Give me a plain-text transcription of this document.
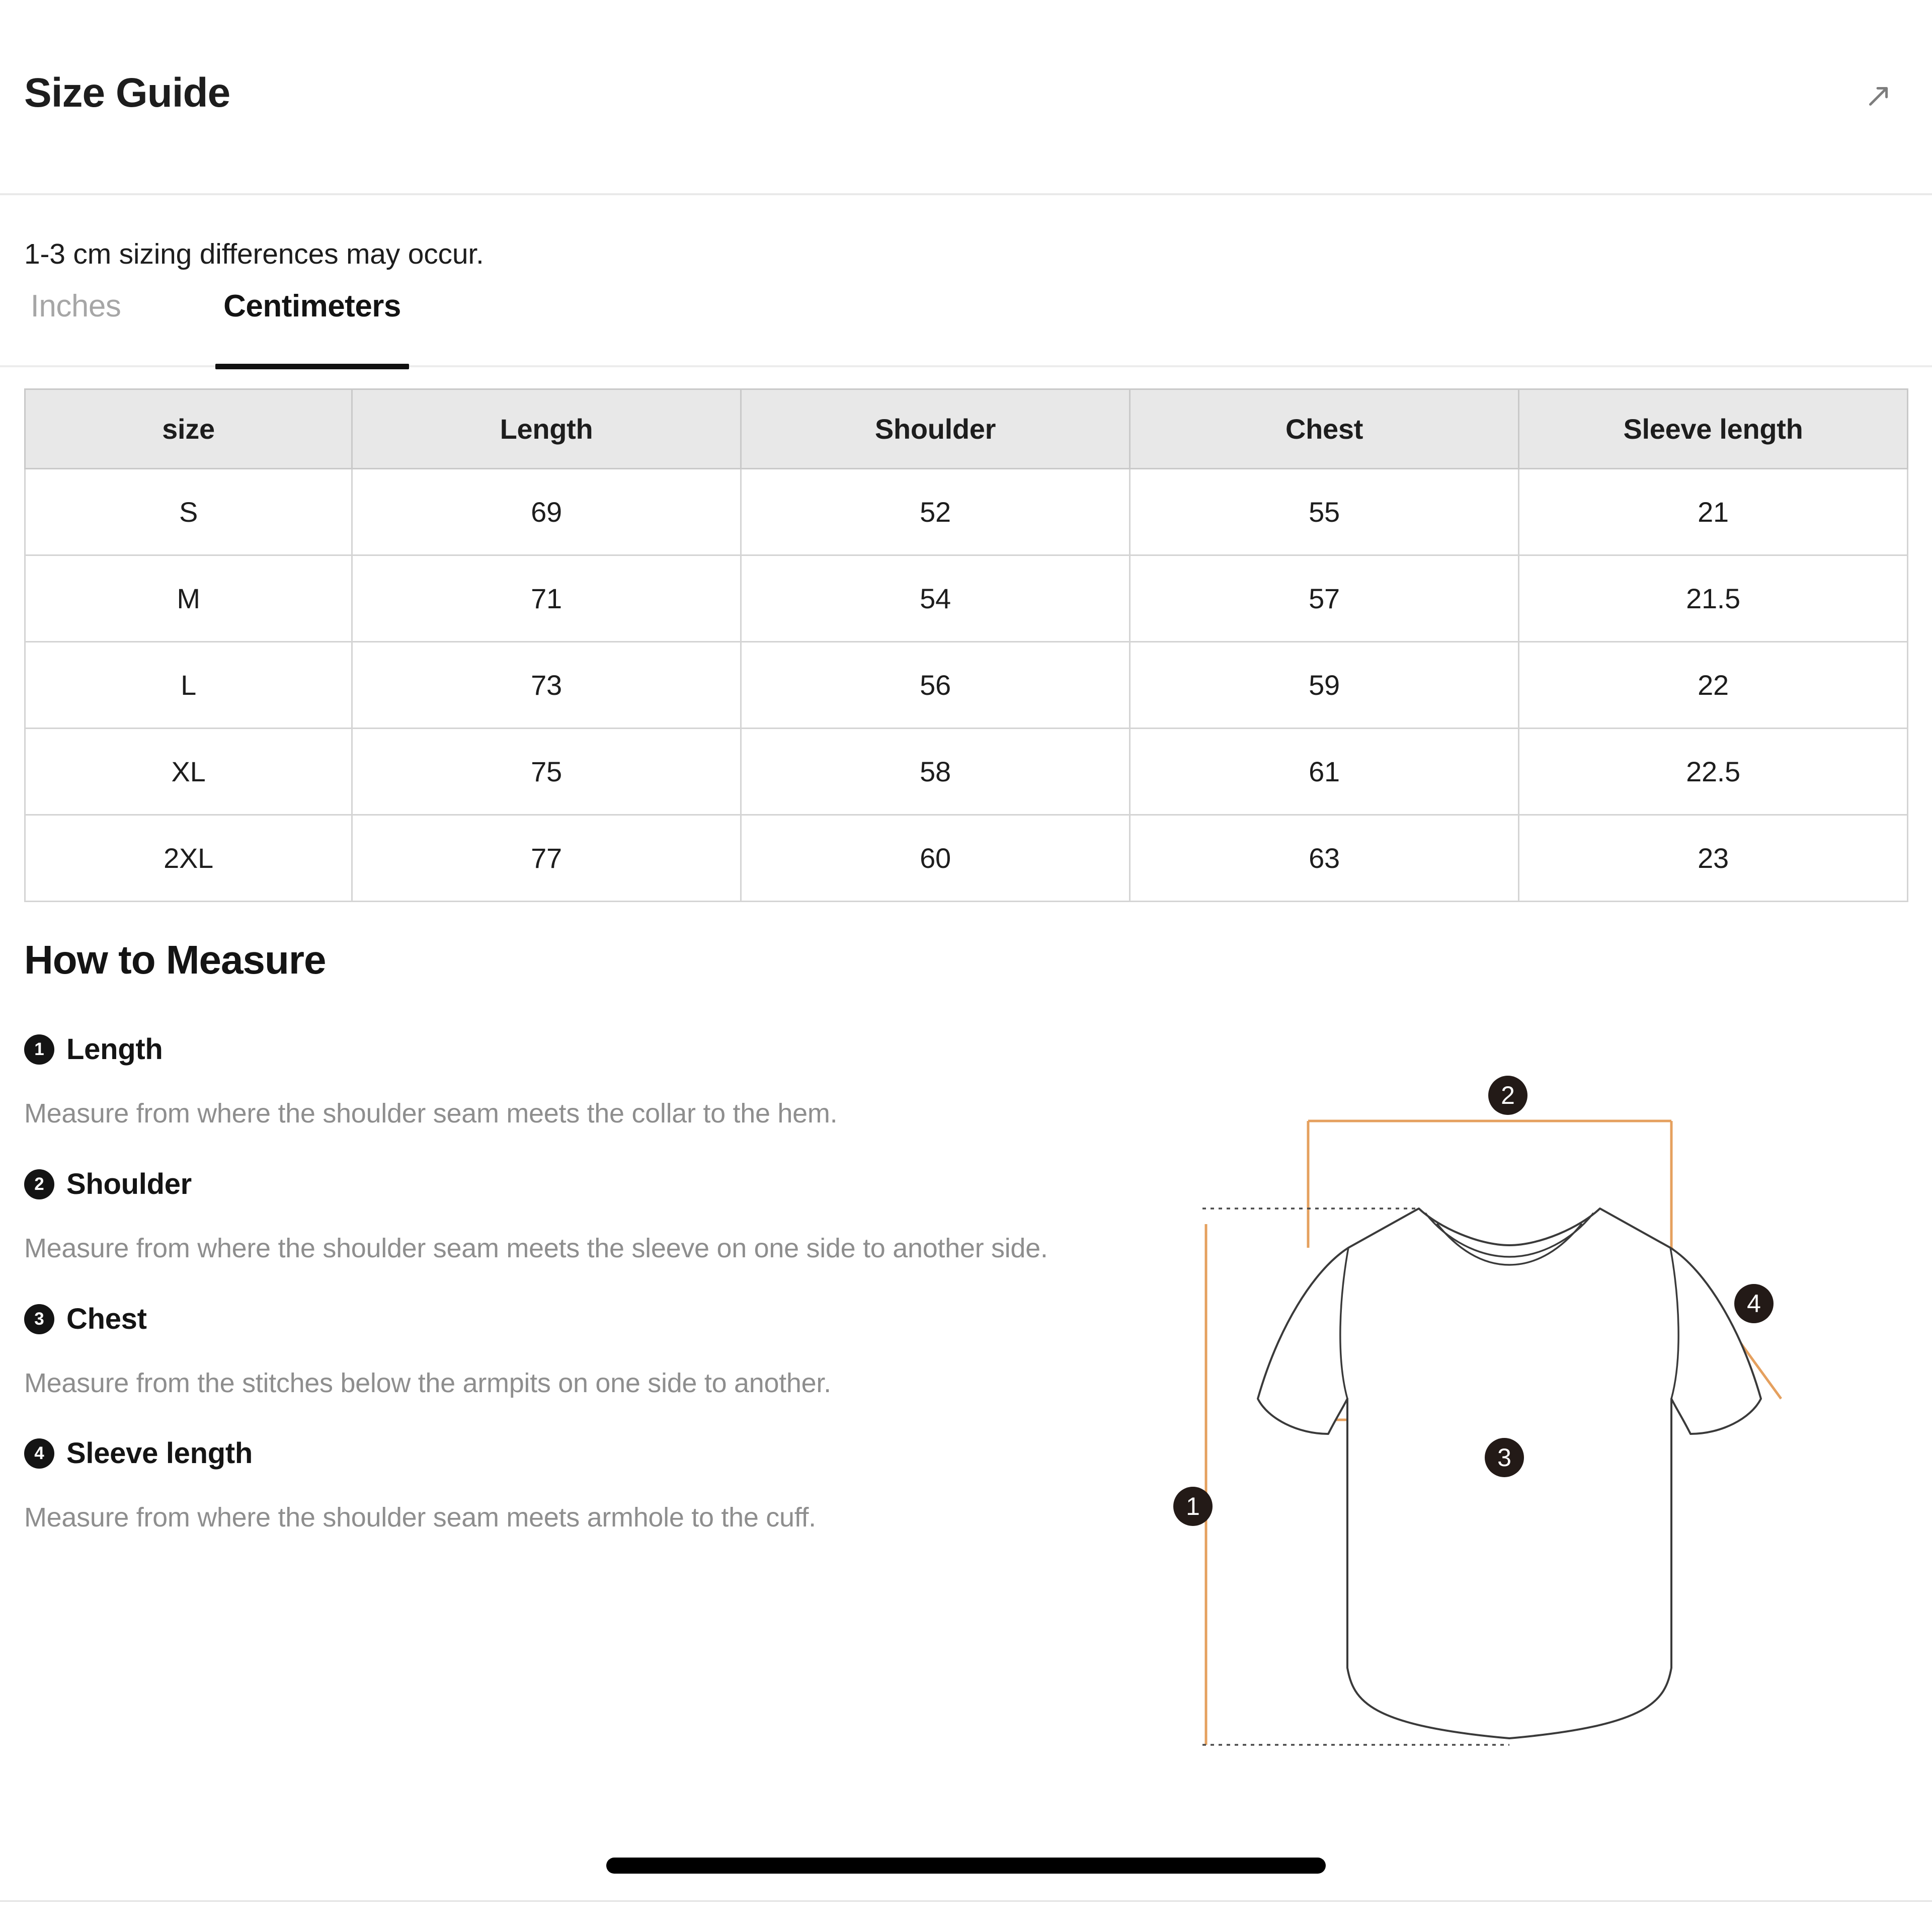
Size Guide
1-3 cm sizing differences may occur.
Inches	Centimeters
size	Length	Shoulder	Chest	Sleeve length
S	69	52	55	21
M	71	54	57	21.5
L	73	56	59	22
XL	75	58	61	22.5
2XL	77	60	63	23
How to Measure
1 Length
Measure from where the shoulder seam meets the collar to the hem.
2 Shoulder
Measure from where the shoulder seam meets the sleeve on one side to another side.
3 Chest
Measure from the stitches below the armpits on one side to another.
4 Sleeve length
Measure from where the shoulder seam meets armhole to the cuff.	1
2
3
4
